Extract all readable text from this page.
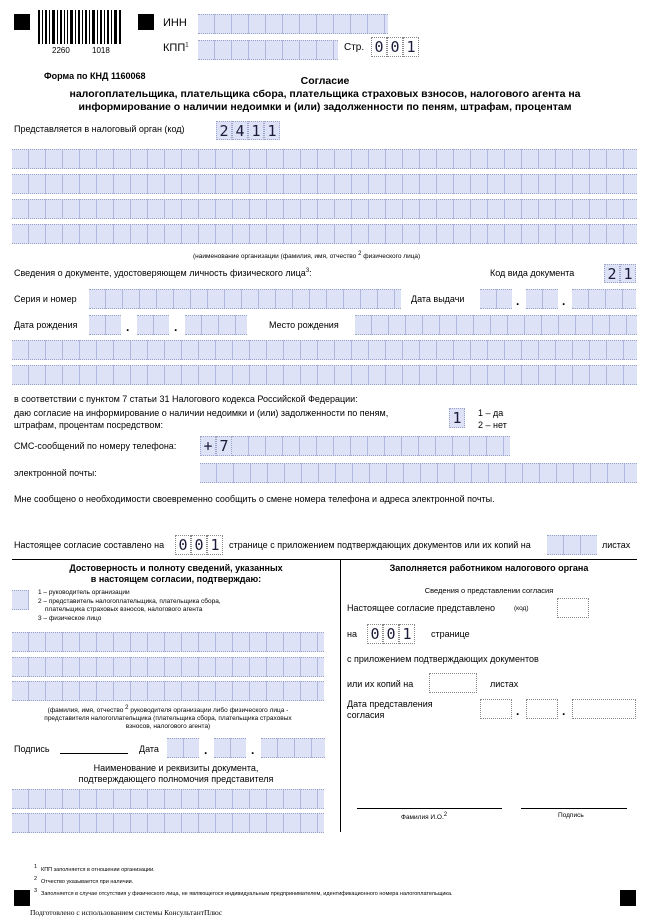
2260	1018
ИНН
КПП$^1$	Стр. 0 0 1
Форма по КНД 1160068	Согласие
налогоплательщика, плательщика сбора, плательщика страховых взносов, налогового агента на
информирование о наличии недоимки и (или) задолженности по пеням, штрафам, процентам
Представляется в налоговый орган (код) 2 4 1 1
(наименование организации (фамилия, имя, отчество $^2$ физического лица)
Сведения о документе, удостоверяющем личность физического лица$^3$:	Код вида документа 2 1
Серия и номер	Дата выдачи	.	.
Дата рождения	.	.	Место рождения
в соответствии с пунктом 7 статьи 31 Налогового кодекса Российской Федерации:
даю согласие на информирование о наличии недоимки и (или) задолженности по пеням,
штрафам, процентам посредством:	1	1 – да
2 – нет
СМС-сообщений по номеру телефона: + 7
электронной почты:
Мне сообщено о необходимости своевременно сообщить о смене номера телефона и адреса электронной почты.
Настоящее согласие составлено на 0 0 1	странице с приложением подтверждающих документов или их копий на	листах
Достоверность и полноту сведений, указанных
в настоящем согласии, подтверждаю:
1 – руководитель организации
2 – представитель налогоплательщика, плательщика сбора,
плательщика страховых взносов, налогового агента
3 – физическое лицо
(фамилия, имя, отчество $^2$ руководителя организации либо физического лица -
представителя налогоплательщика (плательщика сбора, плательщика страховых
взносов, налогового агента)
Подпись	Дата	.	.
Наименование и реквизиты документа,
подтверждающего полномочия представителя
Заполняется работником налогового органа
Сведения о представлении согласия
Настоящее согласие представлено	(код)
на 0 0 1	странице
с приложением подтверждающих документов
или их копий на	листах
Дата представления
согласия	.	.
Фамилия И.О.$^2$	Подпись
1 КПП заполняется в отношении организации.
2 Отчество указывается при наличии.
3 Заполняется в случае отсутствия у физического лица, не являющегося индивидуальным предпринимателем, идентификационного номера налогоплательщика.
Подготовлено с использованием системы КонсультантПлюс
